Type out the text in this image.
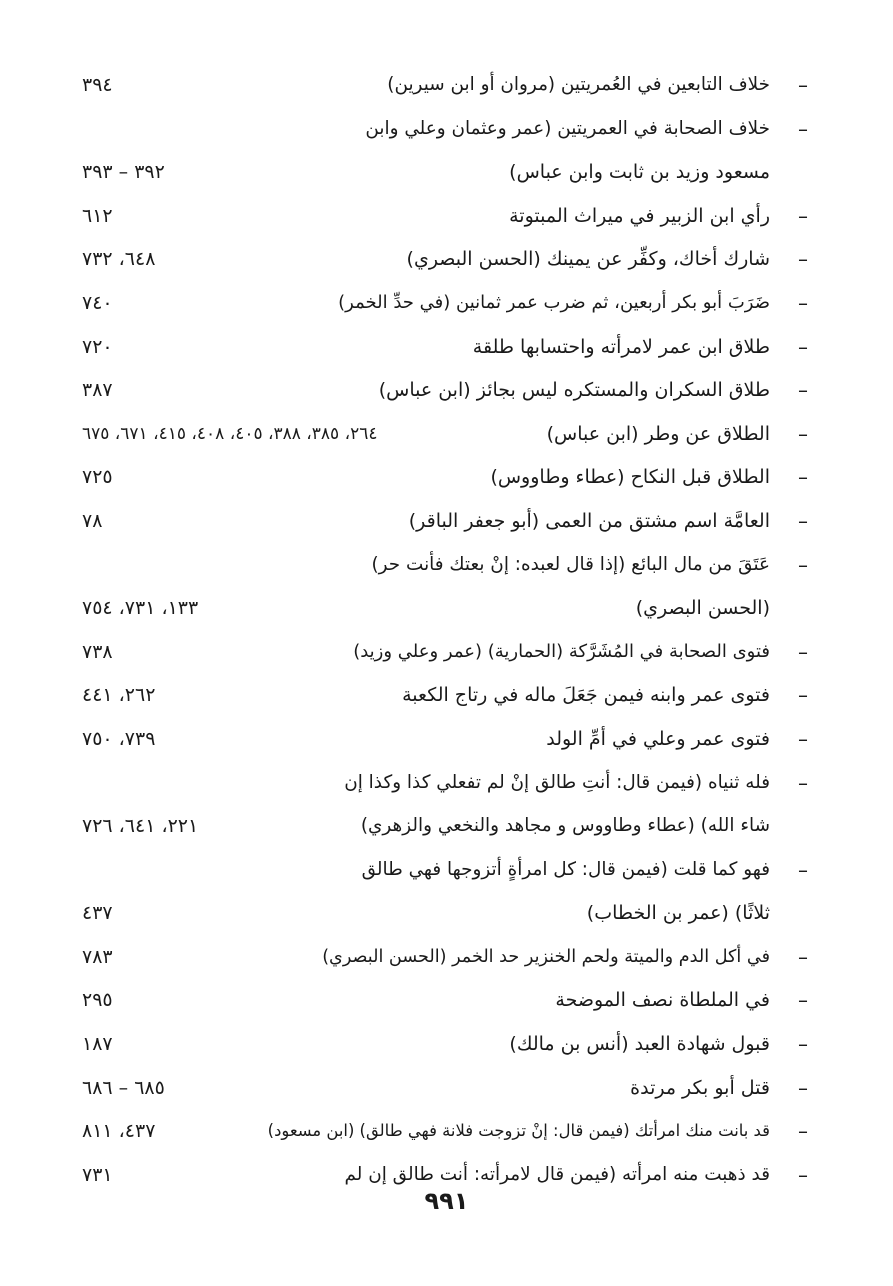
–
خلاف التابعين في العُمريتين (مروان أو ابن سيرين)
٣٩٤
–
خلاف الصحابة في العمريتين (عمر وعثمان وعلي وابن
مسعود وزيد بن ثابت وابن عباس)
٣٩٢ – ٣٩٣
–
رأي ابن الزبير في ميراث المبتوتة
٦١٢
–
شارك أخاك، وكفِّر عن يمينك (الحسن البصري)
٦٤٨، ٧٣٢
–
ضَرَبَ أبو بكر أربعين، ثم ضرب عمر ثمانين (في حدِّ الخمر)
٧٤٠
–
طلاق ابن عمر لامرأته واحتسابها طلقة
٧٢٠
–
طلاق السكران والمستكره ليس بجائز (ابن عباس)
٣٨٧
–
الطلاق عن وطر (ابن عباس)
٢٦٤، ٣٨٥، ٣٨٨، ٤٠٥، ٤٠٨، ٤١٥، ٦٧١، ٦٧٥
–
الطلاق قبل النكاح (عطاء وطاووس)
٧٢٥
–
العامَّة اسم مشتق من العمى (أبو جعفر الباقر)
٧٨
–
عَتَقَ من مال البائع (إذا قال لعبده: إنْ بعتك فأنت حر)
(الحسن البصري)
١٣٣، ٧٣١، ٧٥٤
–
فتوى الصحابة في المُشَرَّكة (الحمارية) (عمر وعلي وزيد)
٧٣٨
–
فتوى عمر وابنه فيمن جَعَلَ ماله في رتاج الكعبة
٢٦٢، ٤٤١
–
فتوى عمر وعلي في أمِّ الولد
٧٣٩، ٧٥٠
–
فله ثنياه (فيمن قال: أنتِ طالق إنْ لم تفعلي كذا وكذا إن
شاء الله) (عطاء وطاووس و مجاهد والنخعي والزهري)
٢٢١، ٦٤١، ٧٢٦
–
فهو كما قلت (فيمن قال: كل امرأةٍ أتزوجها فهي طالق
ثلاثًا) (عمر بن الخطاب)
٤٣٧
–
في أكل الدم والميتة ولحم الخنزير حد الخمر (الحسن البصري)
٧٨٣
–
في الملطاة نصف الموضحة
٢٩٥
–
قبول شهادة العبد (أنس بن مالك)
١٨٧
–
قتل أبو بكر مرتدة
٦٨٥ – ٦٨٦
–
قد بانت منك امرأتك (فيمن قال: إنْ تزوجت فلانة فهي طالق) (ابن مسعود)
٤٣٧، ٨١١
–
قد ذهبت منه امرأته (فيمن قال لامرأته: أنت طالق إن لم
٧٣١
٩٩١
